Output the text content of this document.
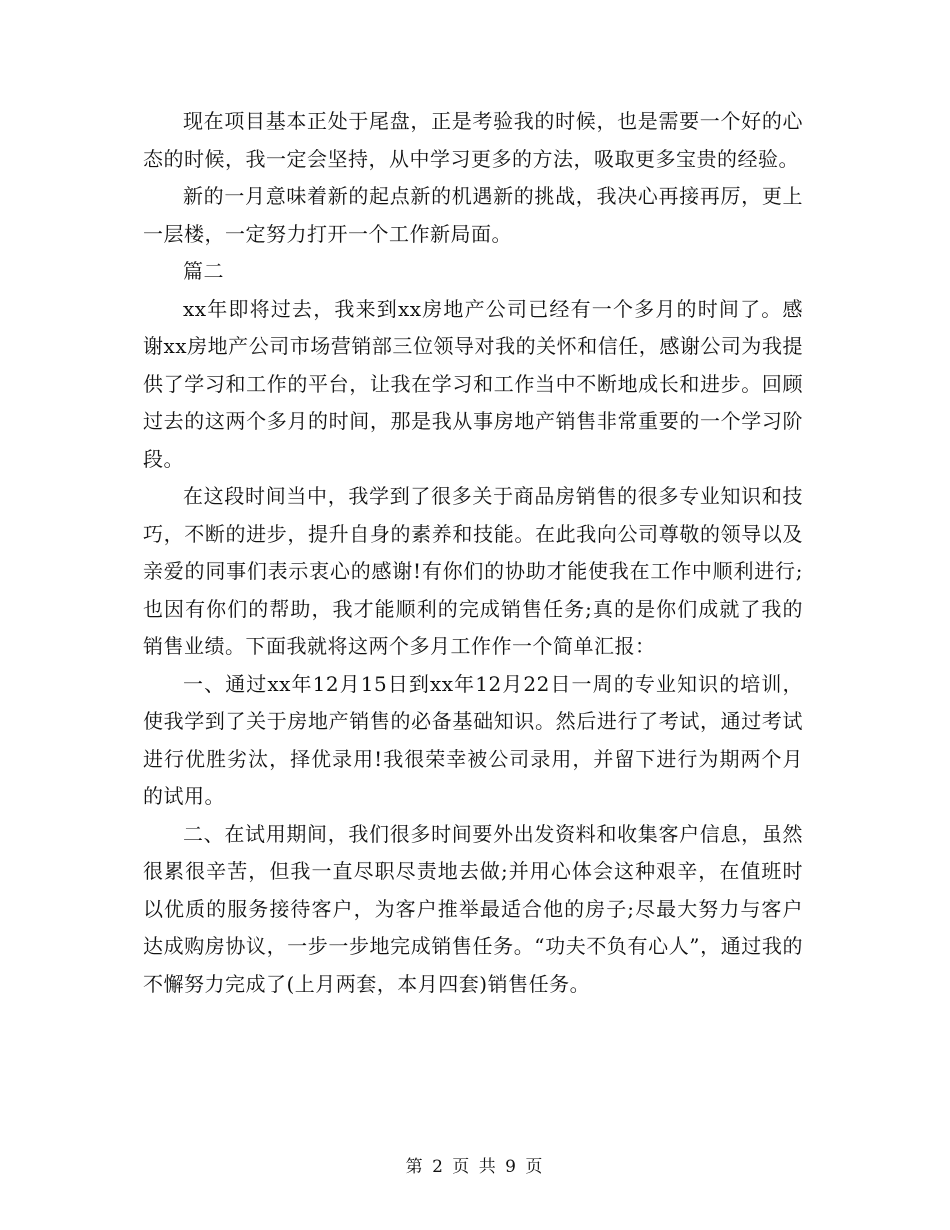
现在项目基本正处于尾盘，正是考验我的时候，也是需要一个好的心态的时候，我一定会坚持，从中学习更多的方法，吸取更多宝贵的经验。

新的一月意味着新的起点新的机遇新的挑战，我决心再接再厉，更上一层楼，一定努力打开一个工作新局面。

篇二

xx年即将过去，我来到xx房地产公司已经有一个多月的时间了。感谢xx房地产公司市场营销部三位领导对我的关怀和信任，感谢公司为我提供了学习和工作的平台，让我在学习和工作当中不断地成长和进步。回顾过去的这两个多月的时间，那是我从事房地产销售非常重要的一个学习阶段。

在这段时间当中，我学到了很多关于商品房销售的很多专业知识和技巧，不断的进步，提升自身的素养和技能。在此我向公司尊敬的领导以及亲爱的同事们表示衷心的感谢!有你们的协助才能使我在工作中顺利进行;也因有你们的帮助，我才能顺利的完成销售任务;真的是你们成就了我的销售业绩。下面我就将这两个多月工作作一个简单汇报：

一、通过xx年12月15日到xx年12月22日一周的专业知识的培训，使我学到了关于房地产销售的必备基础知识。然后进行了考试，通过考试进行优胜劣汰，择优录用!我很荣幸被公司录用，并留下进行为期两个月的试用。

二、在试用期间，我们很多时间要外出发资料和收集客户信息，虽然很累很辛苦，但我一直尽职尽责地去做;并用心体会这种艰辛，在值班时以优质的服务接待客户，为客户推举最适合他的房子;尽最大努力与客户达成购房协议，一步一步地完成销售任务。“功夫不负有心人”，通过我的不懈努力完成了(上月两套，本月四套)销售任务。

第 2 页 共 9 页
